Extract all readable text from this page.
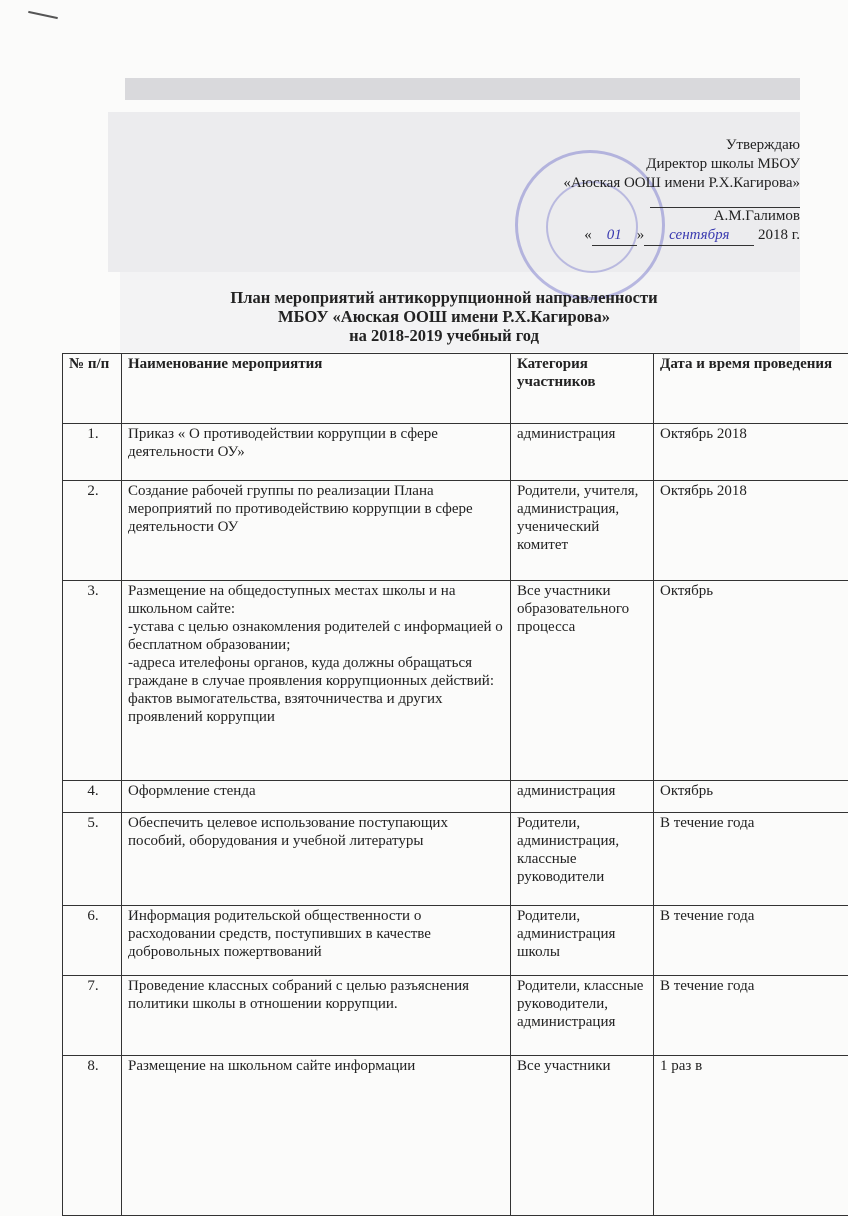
Утверждаю
Директор школы МБОУ
«Аюская ООШ имени Р.Х.Кагирова»
А.М.Галимов
« 01 » сентября 2018 г.
План мероприятий антикоррупционной направленности
МБОУ «Аюская ООШ имени Р.Х.Кагирова»
на 2018-2019 учебный год
№ п/п	Наименование мероприятия	Категория участников	Дата и время проведения
1.	Приказ « О противодействии коррупции в сфере деятельности ОУ»	администрация	Октябрь 2018
2.	Создание рабочей группы по реализации Плана мероприятий по противодействию коррупции в сфере деятельности ОУ	Родители, учителя, администрация, ученический комитет	Октябрь 2018
3.	Размещение на общедоступных местах школы и на школьном сайте:
-устава с целью ознакомления родителей с информацией о бесплатном образовании;
-адреса ителефоны органов, куда должны обращаться граждане в случае проявления коррупционных действий: фактов вымогательства, взяточничества и других проявлений коррупции	Все участники образовательного процесса	Октябрь
4.	Оформление стенда	администрация	Октябрь
5.	Обеспечить целевое использование поступающих пособий, оборудования и учебной литературы	Родители, администрация, классные руководители	В течение года
6.	Информация родительской общественности о расходовании средств, поступивших в качестве добровольных пожертвований	Родители, администрация школы	В течение года
7.	Проведение классных собраний с целью разъяснения политики школы в отношении коррупции.	Родители, классные руководители, администрация	В течение года
8.	Размещение на школьном сайте информации	Все участники	1 раз в
